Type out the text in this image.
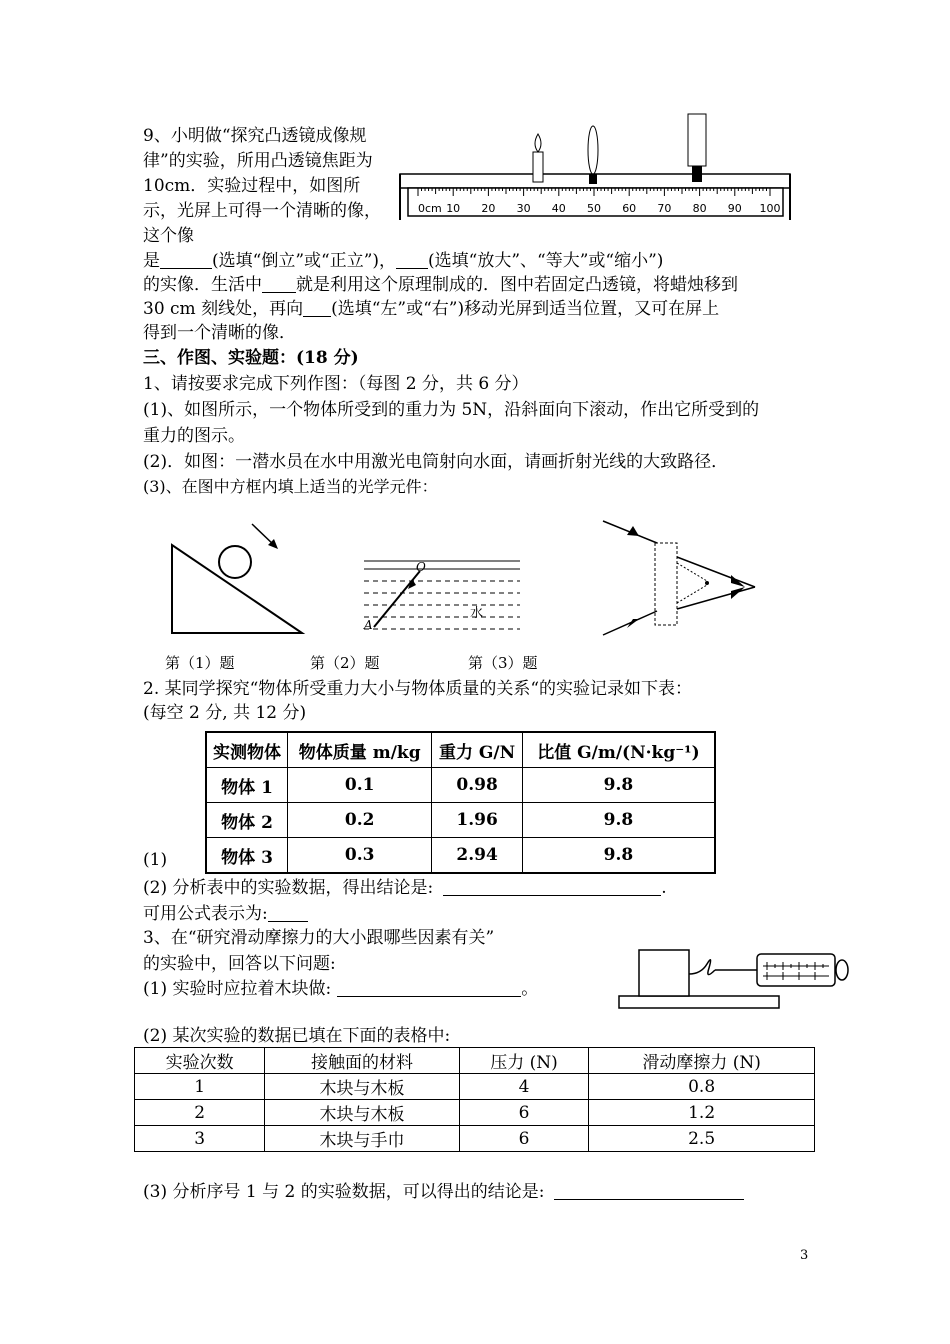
9、小明做“探究凸透镜成像规律”的实验，所用凸透镜焦距为10cm．实验过程中，如图所示，光屏上可得一个清晰的像，这个像
0cm 10 20 30 40 50 60 70 80 90 100
是	(选填“倒立”或“正立”)， (选填“放大”、“等大”或“缩小”)
的实像．生活中 就是利用这个原理制成的．图中若固定凸透镜，将蜡烛移到
30 cm 刻线处，再向 (选填“左”或“右”)移动光屏到适当位置，又可在屏上
得到一个清晰的像．
三、作图、实验题：(18 分)
1、请按要求完成下列作图：（每图 2 分，共 6 分）
(1)、如图所示，一个物体所受到的重力为 5N，沿斜面向下滚动，作出它所受到的
重力的图示。
(2)．如图：一潜水员在水中用激光电筒射向水面，请画折射光线的大致路径．
(3)、在图中方框内填上适当的光学元件：
O
A
水
第（1）题	第（2）题	第（3）题
2. 某同学探究“物体所受重力大小与物体质量的关系“的实验记录如下表：
(每空 2 分, 共 12 分)
实测物体	物体质量 m/kg	重力 G/N	比值 G/m/(N·kg⁻¹)
物体 1	0.1	0.98	9.8
物体 2	0.2	1.96	9.8
物体 3	0.3	2.94	9.8
(1)
(2) 分析表中的实验数据，得出结论是:	.
可用公式表示为:
3、在“研究滑动摩擦力的大小跟哪些因素有关”
的实验中，回答以下问题:
(1) 实验时应拉着木块做:	。
(2) 某次实验的数据已填在下面的表格中:
实验次数	接触面的材料	压力 (N)	滑动摩擦力 (N)
1	木块与木板	4	0.8
2	木块与木板	6	1.2
3	木块与手巾	6	2.5
(3) 分析序号 1 与 2 的实验数据，可以得出的结论是:
3
